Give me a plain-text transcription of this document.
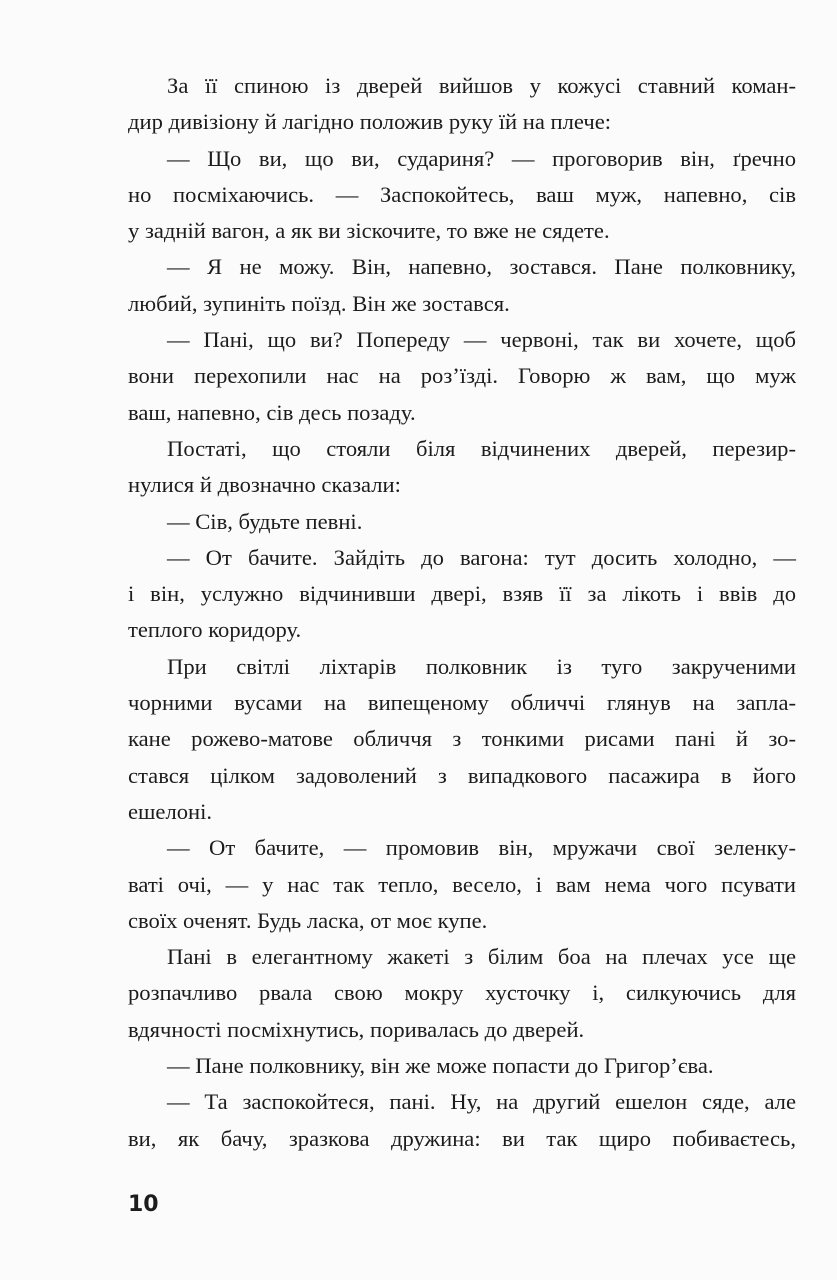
За її спиною із дверей вийшов у кожусі ставний коман-
дир дивізіону й лагідно положив руку їй на плече:
— Що ви, що ви, судариня? — проговорив він, ґречно
но посміхаючись. — Заспокойтесь, ваш муж, напевно, сів
у задній вагон, а як ви зіскочите, то вже не сядете.
— Я не можу. Він, напевно, зостався. Пане полковнику,
любий, зупиніть поїзд. Він же зостався.
— Пані, що ви? Попереду — червоні, так ви хочете, щоб
вони перехопили нас на роз’їзді. Говорю ж вам, що муж
ваш, напевно, сів десь позаду.
Постаті, що стояли біля відчинених дверей, перезир-
нулися й двозначно сказали:
— Сів, будьте певні.
— От бачите. Зайдіть до вагона: тут досить холодно, —
і він, услужно відчинивши двері, взяв її за лікоть і ввів до
теплого коридору.
При світлі ліхтарів полковник із туго закрученими
чорними вусами на випещеному обличчі глянув на запла-
кане рожево-матове обличчя з тонкими рисами пані й зо-
стався цілком задоволений з випадкового пасажира в його
ешелоні.
— От бачите, — промовив він, мружачи свої зеленку-
ваті очі, — у нас так тепло, весело, і вам нема чого псувати
своїх оченят. Будь ласка, от моє купе.
Пані в елегантному жакеті з білим боа на плечах усе ще
розпачливо рвала свою мокру хусточку і, силкуючись для
вдячності посміхнутись, поривалась до дверей.
— Пане полковнику, він же може попасти до Григор’єва.
— Та заспокойтеся, пані. Ну, на другий ешелон сяде, але
ви, як бачу, зразкова дружина: ви так щиро побиваєтесь,
10
